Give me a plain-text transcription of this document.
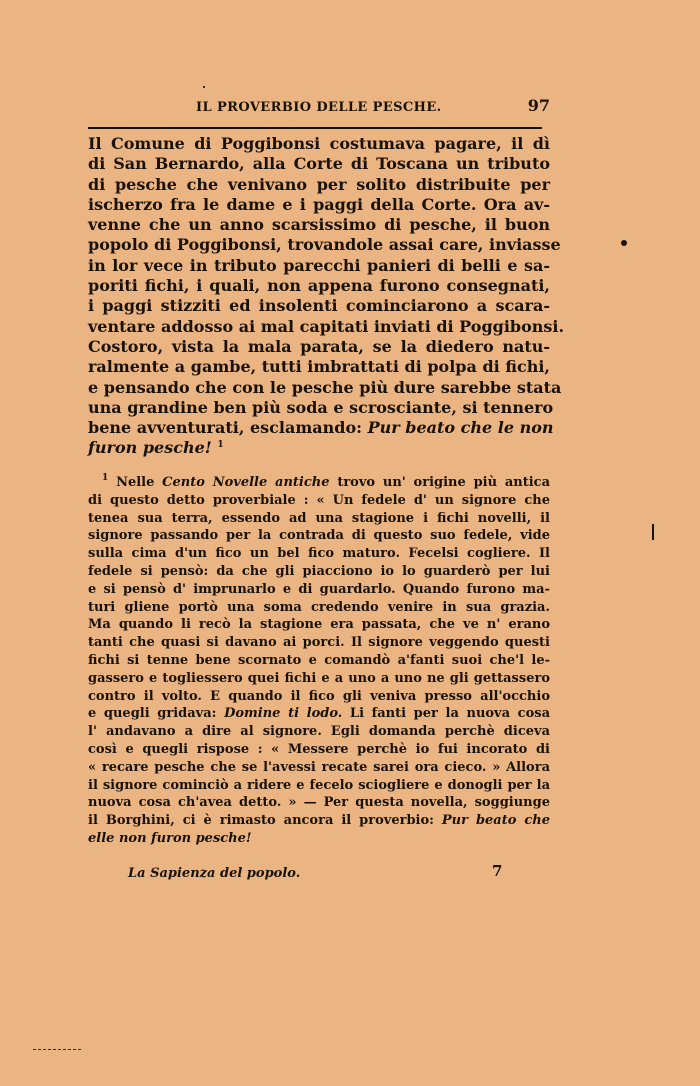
IL PROVERBIO DELLE PESCHE.	97
Il Comune di Poggibonsi costumava pagare, il dì
di San Bernardo, alla Corte di Toscana un tributo
di pesche che venivano per solito distribuite per
ischerzo fra le dame e i paggi della Corte. Ora av-
venne che un anno scarsissimo di pesche, il buon
popolo di Poggibonsi, trovandole assai care, inviasse
in lor vece in tributo parecchi panieri di belli e sa-
poriti fichi, i quali, non appena furono consegnati,
i paggi stizziti ed insolenti cominciarono a scara-
ventare addosso ai mal capitati inviati di Poggibonsi.
Costoro, vista la mala parata, se la diedero natu-
ralmente a gambe, tutti imbrattati di polpa di fichi,
e pensando che con le pesche più dure sarebbe stata
una grandine ben più soda e scrosciante, si tennero
bene avventurati, esclamando: Pur beato che le non
furon pesche! $^1$
$^1$ Nelle Cento Novelle antiche trovo un' origine più antica
di questo detto proverbiale : « Un fedele d' un signore che
tenea sua terra, essendo ad una stagione i fichi novelli, il
signore passando per la contrada di questo suo fedele, vide
sulla cima d'un fico un bel fico maturo. Fecelsi cogliere. Il
fedele si pensò: da che gli piacciono io lo guarderò per lui
e si pensò d' imprunarlo e di guardarlo. Quando furono ma-
turi gliene portò una soma credendo venire in sua grazia.
Ma quando li recò la stagione era passata, che ve n' erano
tanti che quasi si davano ai porci. Il signore veggendo questi
fichi si tenne bene scornato e comandò a'fanti suoi che'l le-
gassero e togliessero quei fichi e a uno a uno ne gli gettassero
contro il volto. E quando il fico gli veniva presso all'occhio
e quegli gridava: Domine ti lodo. Li fanti per la nuova cosa
l' andavano a dire al signore. Egli domanda perchè diceva
così e quegli rispose : « Messere perchè io fui incorato di
« recare pesche che se l'avessi recate sarei ora cieco. » Allora
il signore cominciò a ridere e fecelo sciogliere e donogli per la
nuova cosa ch'avea detto. » — Per questa novella, soggiunge
il Borghini, ci è rimasto ancora il proverbio: Pur beato che
elle non furon pesche!
La Sapienza del popolo.	7
